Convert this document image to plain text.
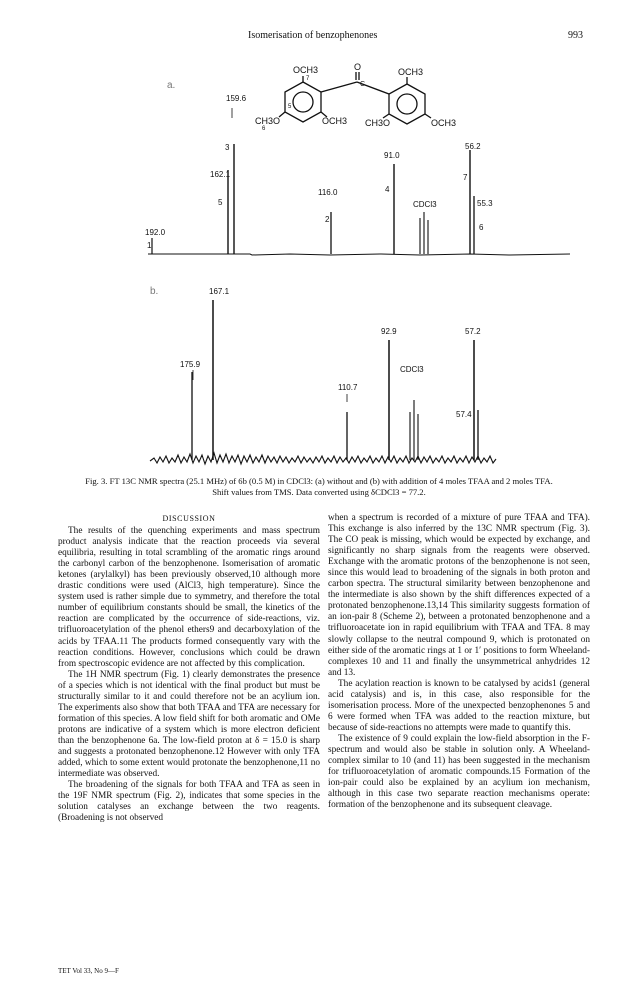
Isomerisation of benzophenones	993
a.
b.
OCH3	O
C
OCH3
CH3O	OCH3 CH3O	OCH3
5
6
7
159.6
162.1
3
5
1
192.0
116.0
2
4
91.0
CDCl3
56.2
7
55.3
6
167.1
175.9
110.7
92.9
CDCl3
57.2
57.4
Fig. 3. FT 13C NMR spectra (25.1 MHz) of 6b (0.5 M) in CDCl3: (a) without and (b) with addition of 4 moles TFAA and 2 moles TFA. Shift values from TMS. Data converted using δCDCl3 = 77.2.
DISCUSSION

The results of the quenching experiments and mass spectrum product analysis indicate that the reaction proceeds via several equilibria, resulting in total scrambling of the aromatic rings around the carbonyl carbon of the benzophenone. Isomerisation of aromatic ketones (arylalkyl) has been previously observed,10 although more drastic conditions were used (AlCl3, high temperature). Since the system used is rather simple due to symmetry, and therefore the total number of equilibrium constants should be small, the kinetics of the reaction are complicated by the occurrence of side-reactions, viz. trifluoroacetylation of the phenol ethers9 and decarboxylation of the acids by TFAA.11 The products formed consequently vary with the reaction conditions. However, conclusions which could be drawn from spectroscopic evidence are not affected by this complication.

The 1H NMR spectrum (Fig. 1) clearly demonstrates the presence of a species which is not identical with the final product but must be structurally similar to it and could therefore not be an acylium ion. The experiments also show that both TFAA and TFA are necessary for formation of this species. A low field shift for both aromatic and OMe protons are indicative of a system which is more electron deficient than the benzophenone 6a. The low-field proton at δ = 15.0 is sharp and suggests a protonated benzophenone.12 However with only TFA added, which to some extent would protonate the benzophenone,11 no intermediate was observed.

The broadening of the signals for both TFAA and TFA as seen in the 19F NMR spectrum (Fig. 2), indicates that some species in the solution catalyses an exchange between the two reagents. (Broadening is not observed

when a spectrum is recorded of a mixture of pure TFAA and TFA). This exchange is also inferred by the 13C NMR spectrum (Fig. 3). The CO peak is missing, which would be expected by exchange, and significantly no sharp signals from the reagents were observed. Exchange with the aromatic protons of the benzophenone is not seen, since this would lead to broadening of the signals in both proton and carbon spectra. The structural similarity between benzophenone and the intermediate is also shown by the shift differences expected of a protonated benzophenone.13,14 This similarity suggests formation of an ion-pair 8 (Scheme 2), between a protonated benzophenone and a trifluoroacetate ion in rapid equilibrium with TFAA and TFA. 8 may slowly collapse to the neutral compound 9, which is protonated on either side of the aromatic rings at 1 or 1′ positions to form Wheeland-complexes 10 and 11 and finally the unsymmetrical anhydrides 12 and 13.

The acylation reaction is known to be catalysed by acids1 (general acid catalysis) and is, in this case, also responsible for the isomerisation process. More of the unexpected benzophenones 5 and 6 were formed when TFA was added to the reaction mixture, but because of side-reactions no attempts were made to quantify this.

The existence of 9 could explain the low-field absorption in the F-spectrum and would also be stable in solution only. A Wheeland-complex similar to 10 (and 11) has been suggested in the mechanism for trifluoroacetylation of aromatic compounds.15 Formation of the ion-pair could also be explained by an acylium ion mechanism, although in this case two separate reaction mechanisms operate: formation of the benzophenone and its subsequent cleavage.

TET Vol 33, No 9—F
